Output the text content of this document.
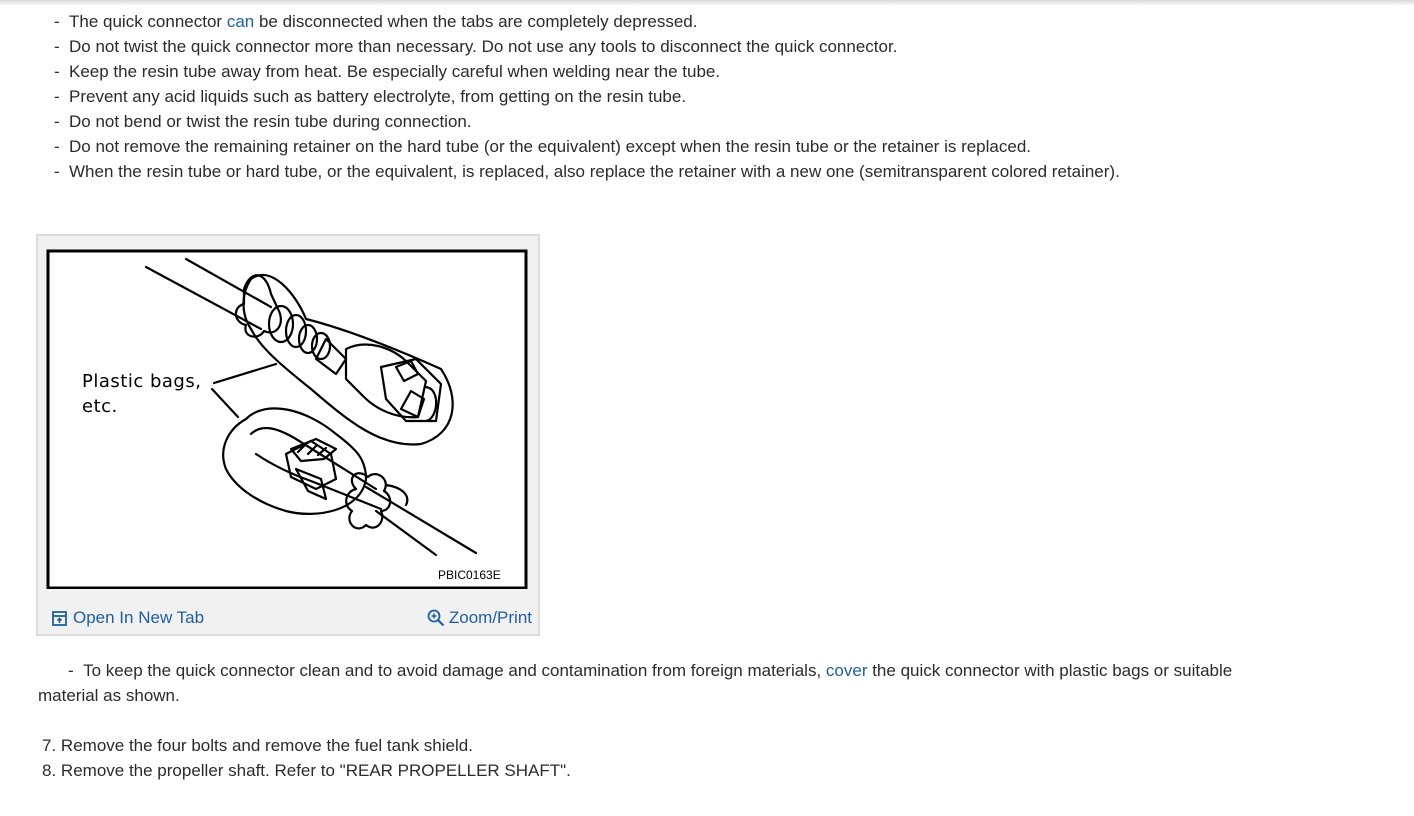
- The quick connector can be disconnected when the tabs are completely depressed.
- Do not twist the quick connector more than necessary. Do not use any tools to disconnect the quick connector.
- Keep the resin tube away from heat. Be especially careful when welding near the tube.
- Prevent any acid liquids such as battery electrolyte, from getting on the resin tube.
- Do not bend or twist the resin tube during connection.
- Do not remove the remaining retainer on the hard tube (or the equivalent) except when the resin tube or the retainer is replaced.
- When the resin tube or hard tube, or the equivalent, is replaced, also replace the retainer with a new one (semitransparent colored retainer).
Plastic bags,
etc.
PBIC0163E
Open In New Tab	Zoom/Print

- To keep the quick connector clean and to avoid damage and contamination from foreign materials, cover the quick connector with plastic bags or suitable material as shown.

7. Remove the four bolts and remove the fuel tank shield.
8. Remove the propeller shaft. Refer to "REAR PROPELLER SHAFT".
